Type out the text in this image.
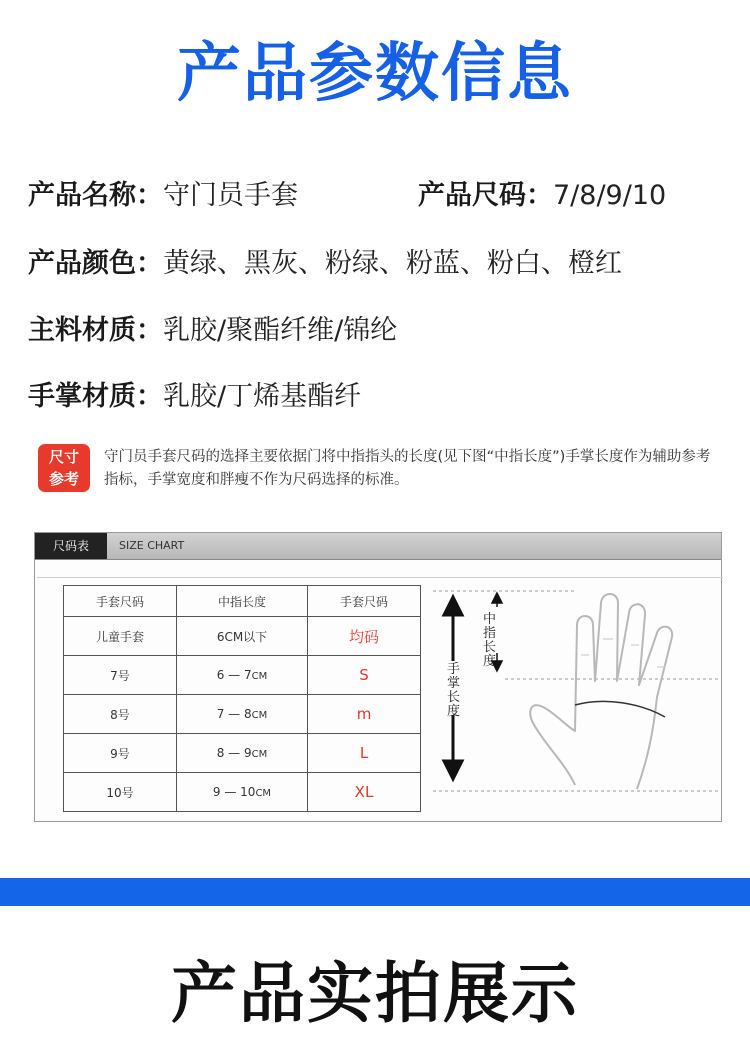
产品参数信息
产品名称：守门员手套	产品尺码：7/8/9/10
产品颜色：黄绿、黑灰、粉绿、粉蓝、粉白、橙红
主料材质：乳胶/聚酯纤维/锦纶
手掌材质：乳胶/丁烯基酯纤
尺寸
参考
守门员手套尺码的选择主要依据门将中指指头的长度(见下图“中指长度”)手掌长度作为辅助参考指标，手掌宽度和胖瘦不作为尺码选择的标准。
尺码表	SIZE CHART
手套尺码	中指长度	手套尺码
儿童手套	6CM以下	均码
7号	6 — 7CM	S
8号	7 — 8CM	m
9号	8 — 9CM	L
10号	9 — 10CM	XL
中指长度
手掌长度
产品实拍展示
